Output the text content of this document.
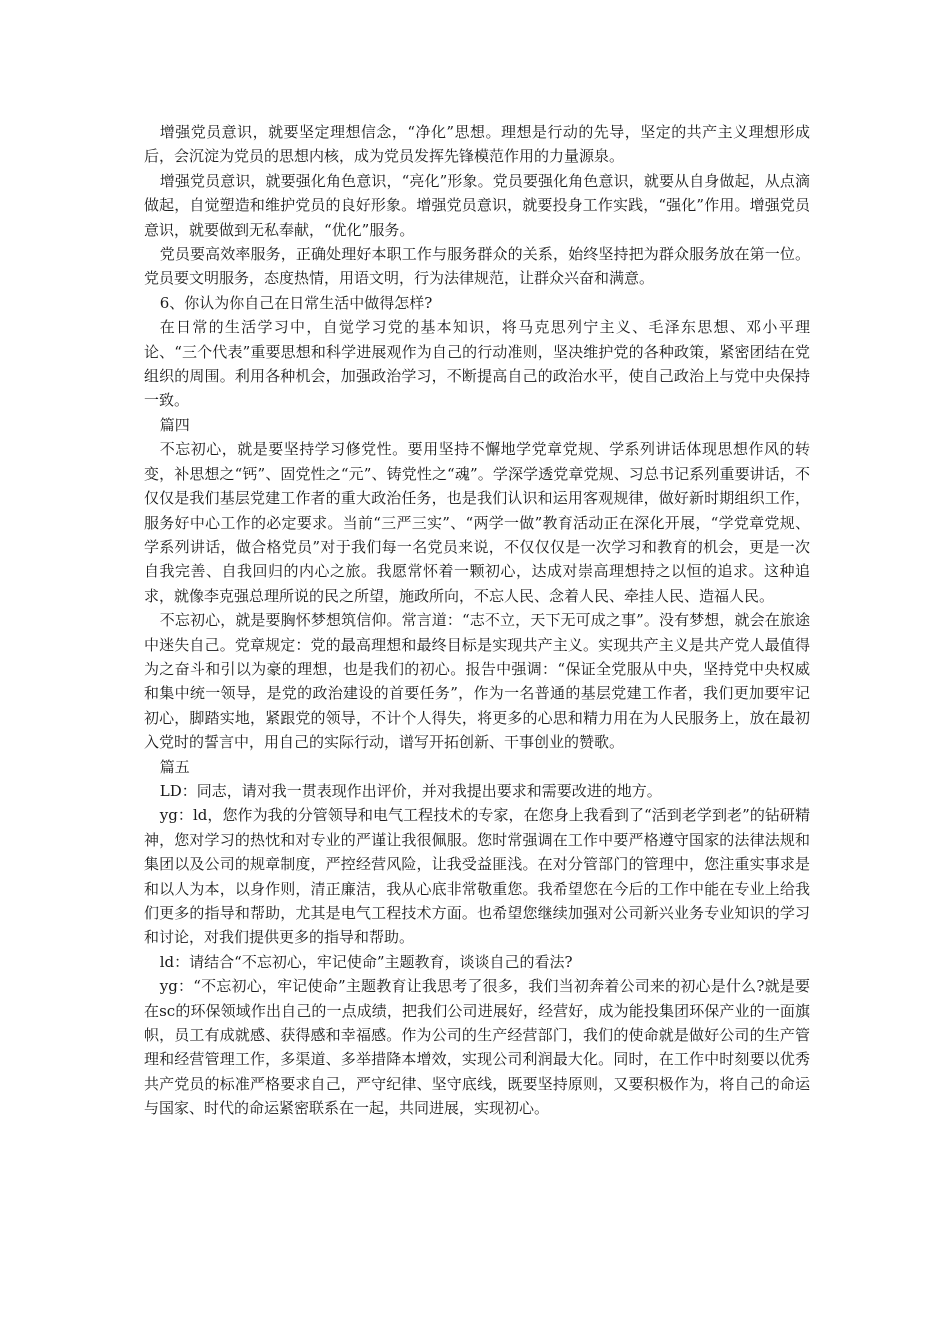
增强党员意识，就要坚定理想信念，“净化”思想。理想是行动的先导，坚定的共产主义理想形成后，会沉淀为党员的思想内核，成为党员发挥先锋模范作用的力量源泉。

增强党员意识，就要强化角色意识，“亮化”形象。党员要强化角色意识，就要从自身做起，从点滴做起，自觉塑造和维护党员的良好形象。增强党员意识，就要投身工作实践，“强化”作用。增强党员意识，就要做到无私奉献，“优化”服务。

党员要高效率服务，正确处理好本职工作与服务群众的关系，始终坚持把为群众服务放在第一位。党员要文明服务，态度热情，用语文明，行为法律规范，让群众兴奋和满意。

6、你认为你自己在日常生活中做得怎样?

在日常的生活学习中，自觉学习党的基本知识，将马克思列宁主义、毛泽东思想、邓小平理论、“三个代表”重要思想和科学进展观作为自己的行动准则，坚决维护党的各种政策，紧密团结在党组织的周围。利用各种机会，加强政治学习，不断提高自己的政治水平，使自己政治上与党中央保持一致。

篇四

不忘初心，就是要坚持学习修党性。要用坚持不懈地学党章党规、学系列讲话体现思想作风的转变，补思想之“钙”、固党性之“元”、铸党性之“魂”。学深学透党章党规、习总书记系列重要讲话，不仅仅是我们基层党建工作者的重大政治任务，也是我们认识和运用客观规律，做好新时期组织工作，服务好中心工作的必定要求。当前“三严三实”、“两学一做”教育活动正在深化开展，“学党章党规、学系列讲话，做合格党员”对于我们每一名党员来说，不仅仅仅是一次学习和教育的机会，更是一次自我完善、自我回归的内心之旅。我愿常怀着一颗初心，达成对崇高理想持之以恒的追求。这种追求，就像李克强总理所说的民之所望，施政所向，不忘人民、念着人民、牵挂人民、造福人民。

不忘初心，就是要胸怀梦想筑信仰。常言道：“志不立，天下无可成之事”。没有梦想，就会在旅途中迷失自己。党章规定：党的最高理想和最终目标是实现共产主义。实现共产主义是共产党人最值得为之奋斗和引以为豪的理想，也是我们的初心。报告中强调：“保证全党服从中央，坚持党中央权威和集中统一领导，是党的政治建设的首要任务”，作为一名普通的基层党建工作者，我们更加要牢记初心，脚踏实地，紧跟党的领导，不计个人得失，将更多的心思和精力用在为人民服务上，放在最初入党时的誓言中，用自己的实际行动，谱写开拓创新、干事创业的赞歌。

篇五

LD：同志，请对我一贯表现作出评价，并对我提出要求和需要改进的地方。

yg：ld，您作为我的分管领导和电气工程技术的专家，在您身上我看到了“活到老学到老”的钻研精神，您对学习的热忱和对专业的严谨让我很佩服。您时常强调在工作中要严格遵守国家的法律法规和集团以及公司的规章制度，严控经营风险，让我受益匪浅。在对分管部门的管理中，您注重实事求是和以人为本，以身作则，清正廉洁，我从心底非常敬重您。我希望您在今后的工作中能在专业上给我们更多的指导和帮助，尤其是电气工程技术方面。也希望您继续加强对公司新兴业务专业知识的学习和讨论，对我们提供更多的指导和帮助。

ld：请结合“不忘初心，牢记使命”主题教育，谈谈自己的看法?

yg：“不忘初心，牢记使命”主题教育让我思考了很多，我们当初奔着公司来的初心是什么?就是要在sc的环保领域作出自己的一点成绩，把我们公司进展好，经营好，成为能投集团环保产业的一面旗帜，员工有成就感、获得感和幸福感。作为公司的生产经营部门，我们的使命就是做好公司的生产管理和经营管理工作，多渠道、多举措降本增效，实现公司利润最大化。同时，在工作中时刻要以优秀共产党员的标准严格要求自己，严守纪律、坚守底线，既要坚持原则，又要积极作为，将自己的命运与国家、时代的命运紧密联系在一起，共同进展，实现初心。
